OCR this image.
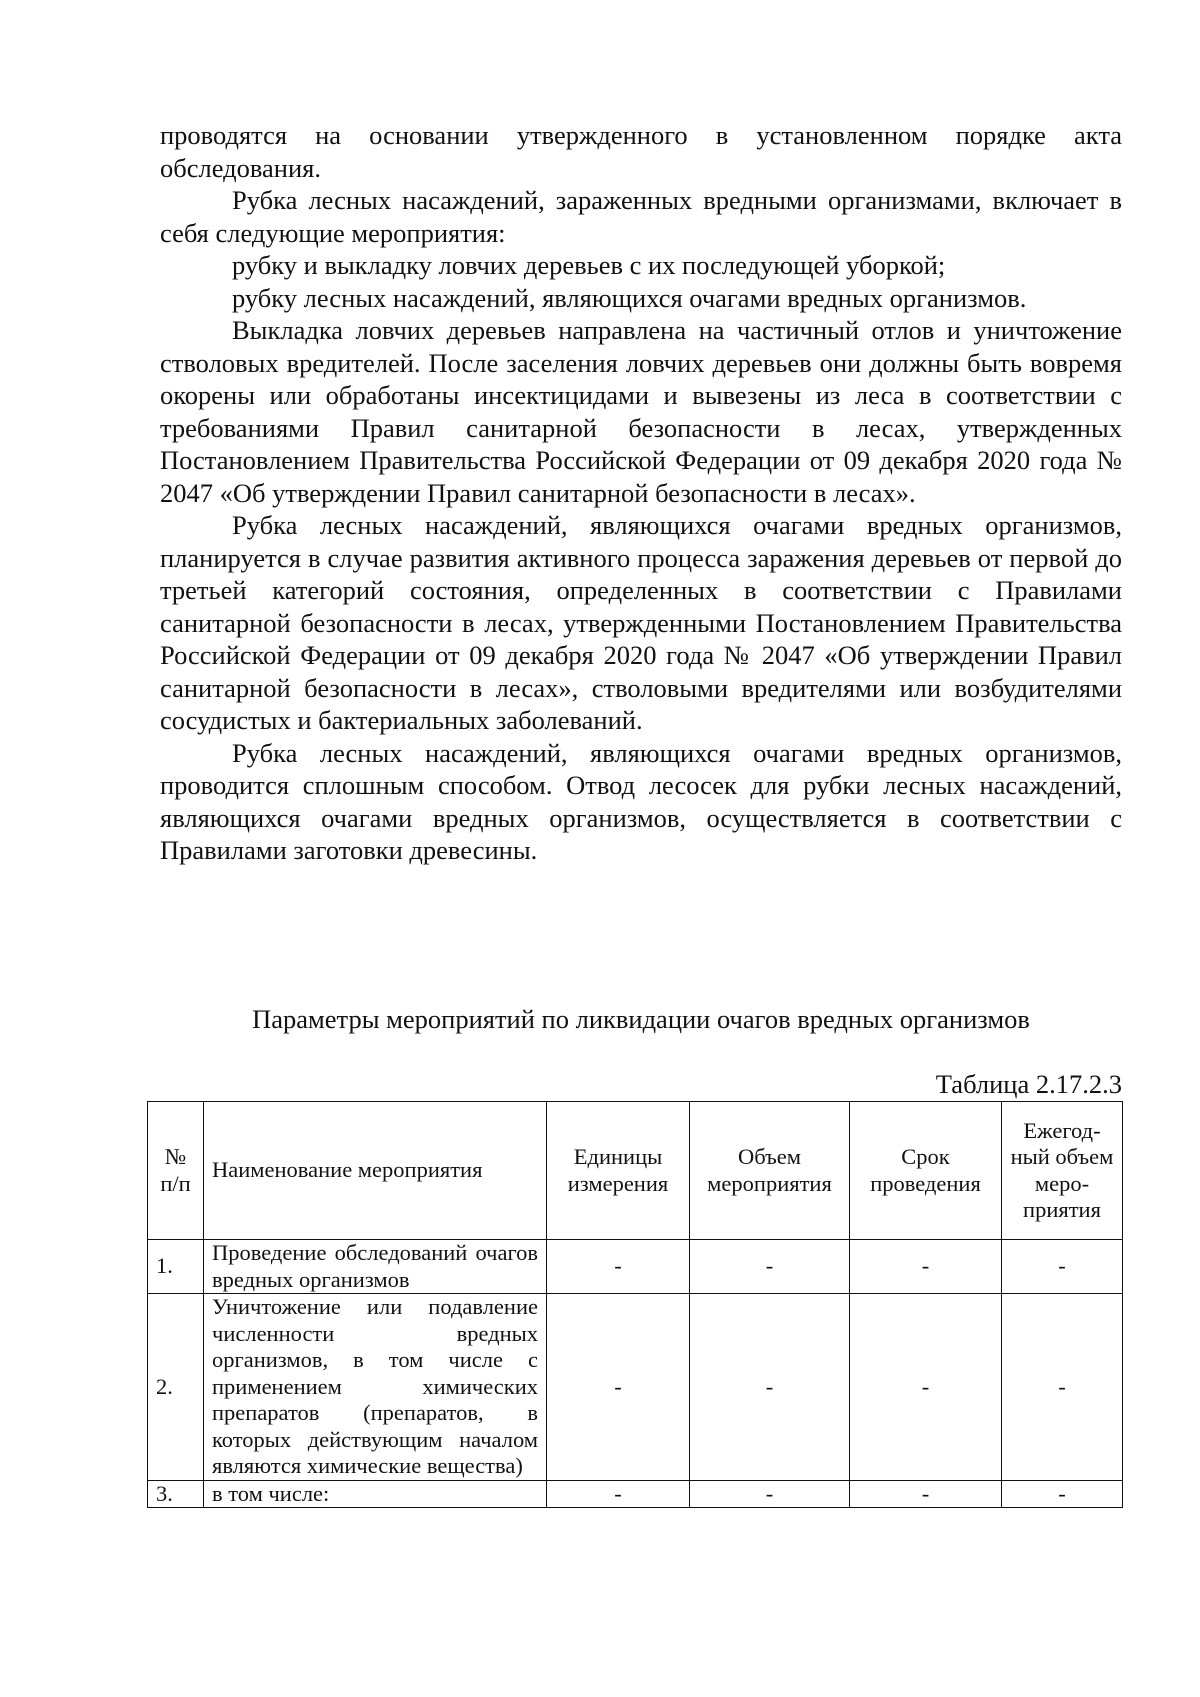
проводятся на основании утвержденного в установленном порядке акта обследования.

Рубка лесных насаждений, зараженных вредными организмами, включает в себя следующие мероприятия:

рубку и выкладку ловчих деревьев с их последующей уборкой;

рубку лесных насаждений, являющихся очагами вредных организмов.

Выкладка ловчих деревьев направлена на частичный отлов и уничтожение стволовых вредителей. После заселения ловчих деревьев они должны быть вовремя окорены или обработаны инсектицидами и вывезены из леса в соответствии с требованиями Правил санитарной безопасности в лесах, утвержденных Постановлением Правительства Российской Федерации от 09 декабря 2020 года № 2047 «Об утверждении Правил санитарной безопасности в лесах».

Рубка лесных насаждений, являющихся очагами вредных организмов, планируется в случае развития активного процесса заражения деревьев от первой до третьей категорий состояния, определенных в соответствии с Правилами санитарной безопасности в лесах, утвержденными Постановлением Правительства Российской Федерации от 09 декабря 2020 года № 2047 «Об утверждении Правил санитарной безопасности в лесах», стволовыми вредителями или возбудителями сосудистых и бактериальных заболеваний.

Рубка лесных насаждений, являющихся очагами вредных организмов, проводится сплошным способом. Отвод лесосек для рубки лесных насаждений, являющихся очагами вредных организмов, осуществляется в соответствии с Правилами заготовки древесины.

Параметры мероприятий по ликвидации очагов вредных организмов
Таблица 2.17.2.3
№ п/п	Наименование мероприятия	Единицы измерения	Объем мероприятия	Срок проведения	Ежегод-ный объем меро-приятия
1.	Проведение обследований очагов вредных организмов	-	-	-	-
2.	Уничтожение или подавление численности вредных организмов, в том числе с применением химических препаратов (препаратов, в которых действующим началом являются химические вещества)	-	-	-	-
3.	в том числе:	-	-	-	-
